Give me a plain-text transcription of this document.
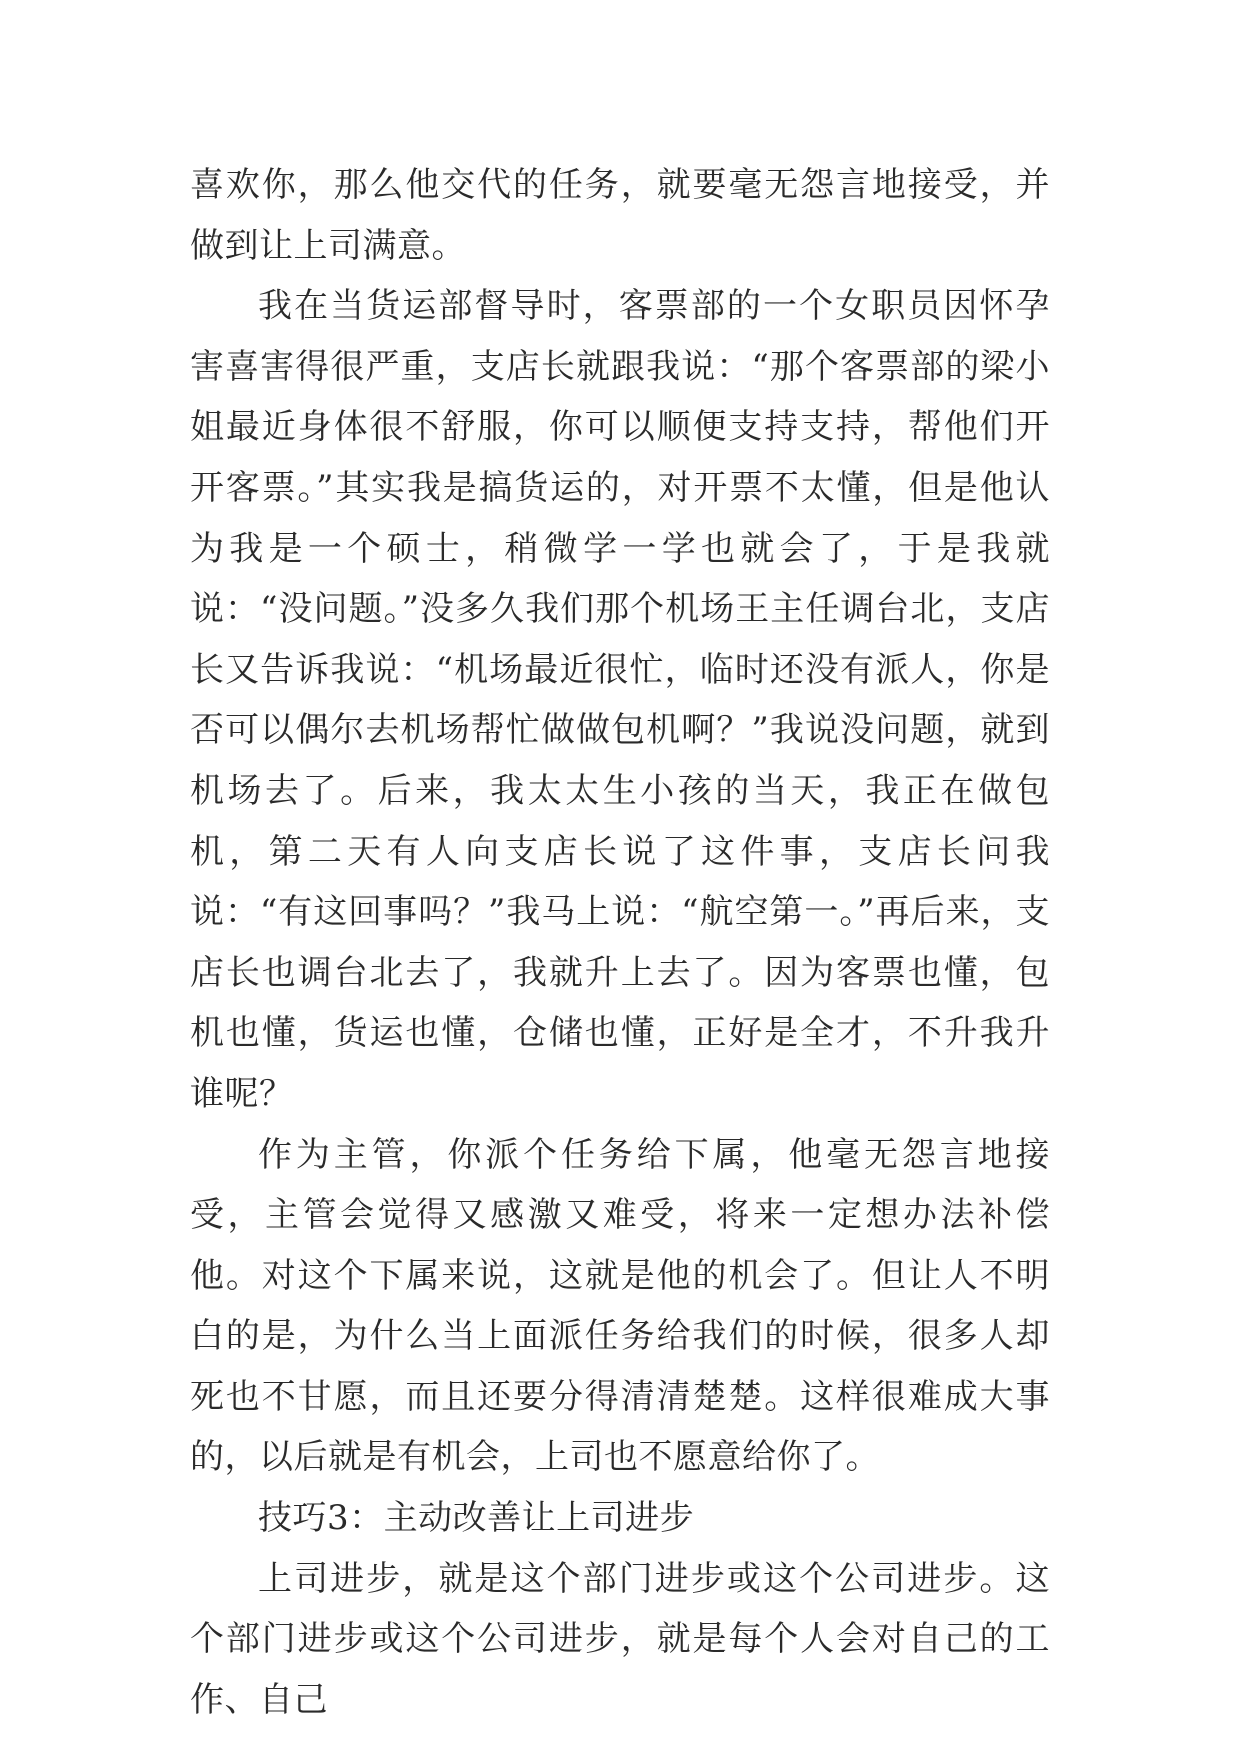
喜欢你，那么他交代的任务，就要毫无怨言地接受，并做到让上司满意。

我在当货运部督导时，客票部的一个女职员因怀孕害喜害得很严重，支店长就跟我说：“那个客票部的梁小姐最近身体很不舒服，你可以顺便支持支持，帮他们开开客票。”其实我是搞货运的，对开票不太懂，但是他认为我是一个硕士，稍微学一学也就会了，于是我就说：“没问题。”没多久我们那个机场王主任调台北，支店长又告诉我说：“机场最近很忙，临时还没有派人，你是否可以偶尔去机场帮忙做做包机啊？”我说没问题，就到机场去了。后来，我太太生小孩的当天，我正在做包机，第二天有人向支店长说了这件事，支店长问我说：“有这回事吗？”我马上说：“航空第一。”再后来，支店长也调台北去了，我就升上去了。因为客票也懂，包机也懂，货运也懂，仓储也懂，正好是全才，不升我升谁呢？

作为主管，你派个任务给下属，他毫无怨言地接受，主管会觉得又感激又难受，将来一定想办法补偿他。对这个下属来说，这就是他的机会了。但让人不明白的是，为什么当上面派任务给我们的时候，很多人却死也不甘愿，而且还要分得清清楚楚。这样很难成大事的，以后就是有机会，上司也不愿意给你了。

技巧3：主动改善让上司进步

上司进步，就是这个部门进步或这个公司进步。这个部门进步或这个公司进步，就是每个人会对自己的工作、自己
